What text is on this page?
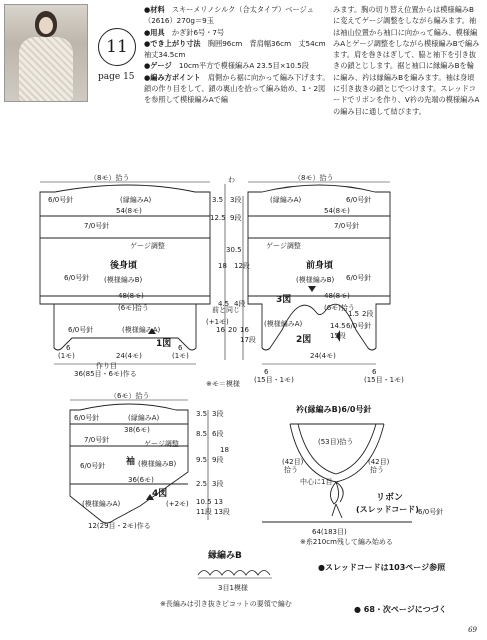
11
page 15
●材料　 スキーメリノシルク（合太タイプ）ベージュ（2616）270g＝9玉
●用具　 かぎ針6号・7号
●でき上がり寸法　 胸囲96cm　背肩幅36cm　丈54cm　袖丈34.5cm
●ゲージ　 10cm平方で模様編みA 23.5目×10.5段
●編み方ポイント　 肩側から裾に向かって編み下げます。鎖の作り目をして、鎖の裏山を拾って編み始め、1・2図を参照して模様編みAで編
みます。胸の切り替え位置からは模様編みBに変えてゲージ調整をしながら編みます。袖は袖山位置から袖口に向かって編み、模様編みAとゲージ調整をしながら模様編みBで編みます。肩を巻きはぎして、脇と袖下を引き抜きの鎖とじします。裾と袖口に縁編みBを輪に編み、衿は縁編みBを編みます。袖は身頃に引き抜きの鎖とじでつけます。スレッドコードでリボンを作り、V衿の先端の模様編みAの編み目に通して結びます。
（8モ）拾う
6/0号針	(縁編みA)
54(8モ)
7/0号針
ゲージ調整
後身頃
6/0号針 (模様編みB)
48(8モ)
(6モ)拾う
6/0号針	(模様編みA)
1図
6
(1モ)
6
(1モ)
24(4モ)
作り目
36(85目・6モ)作る
前と同じ
(+1モ)
わ
3.5 3段
12.5 9段
30.5
18 12段
4.5 4段
16 20 16
17段
※モ＝模様
（8モ）拾う
(縁編みA)	6/0号針
54(8モ)
7/0号針
ゲージ調整
前身頃
(模様編みB) 6/0号針
48(8モ)
(6モ)拾う
3図
(模様編みA)
2図
1.5 2段
14.5
15段
6/0号針
24(4モ)
6
(15目・1モ)
6
(15目・1モ)
（6モ）拾う
6/0号針	(縁編みA)
38(6モ)
7/0号針	ゲージ調整
袖 (模様編みB)
6/0号針
36(6モ)
4図
(模様編みA)	(+2モ)
12(29目・2モ)作る
3.5 3段
8.5 6段
9.5 9段
18
2.5 3段
10.5
11段
13
13段
衿(縁編みB)6/0号針
(53目)拾う
(42目)
拾う
(42目)
拾う
中心に1目
リボン
(スレッドコード) 6/0号針
64(183目)
※糸210cm残して編み始める
縁編みB
3目1模様
※長編みは引き抜きピコットの要領で編む
●スレッドコードは103ページ参照
● 68・次ページにつづく
69
